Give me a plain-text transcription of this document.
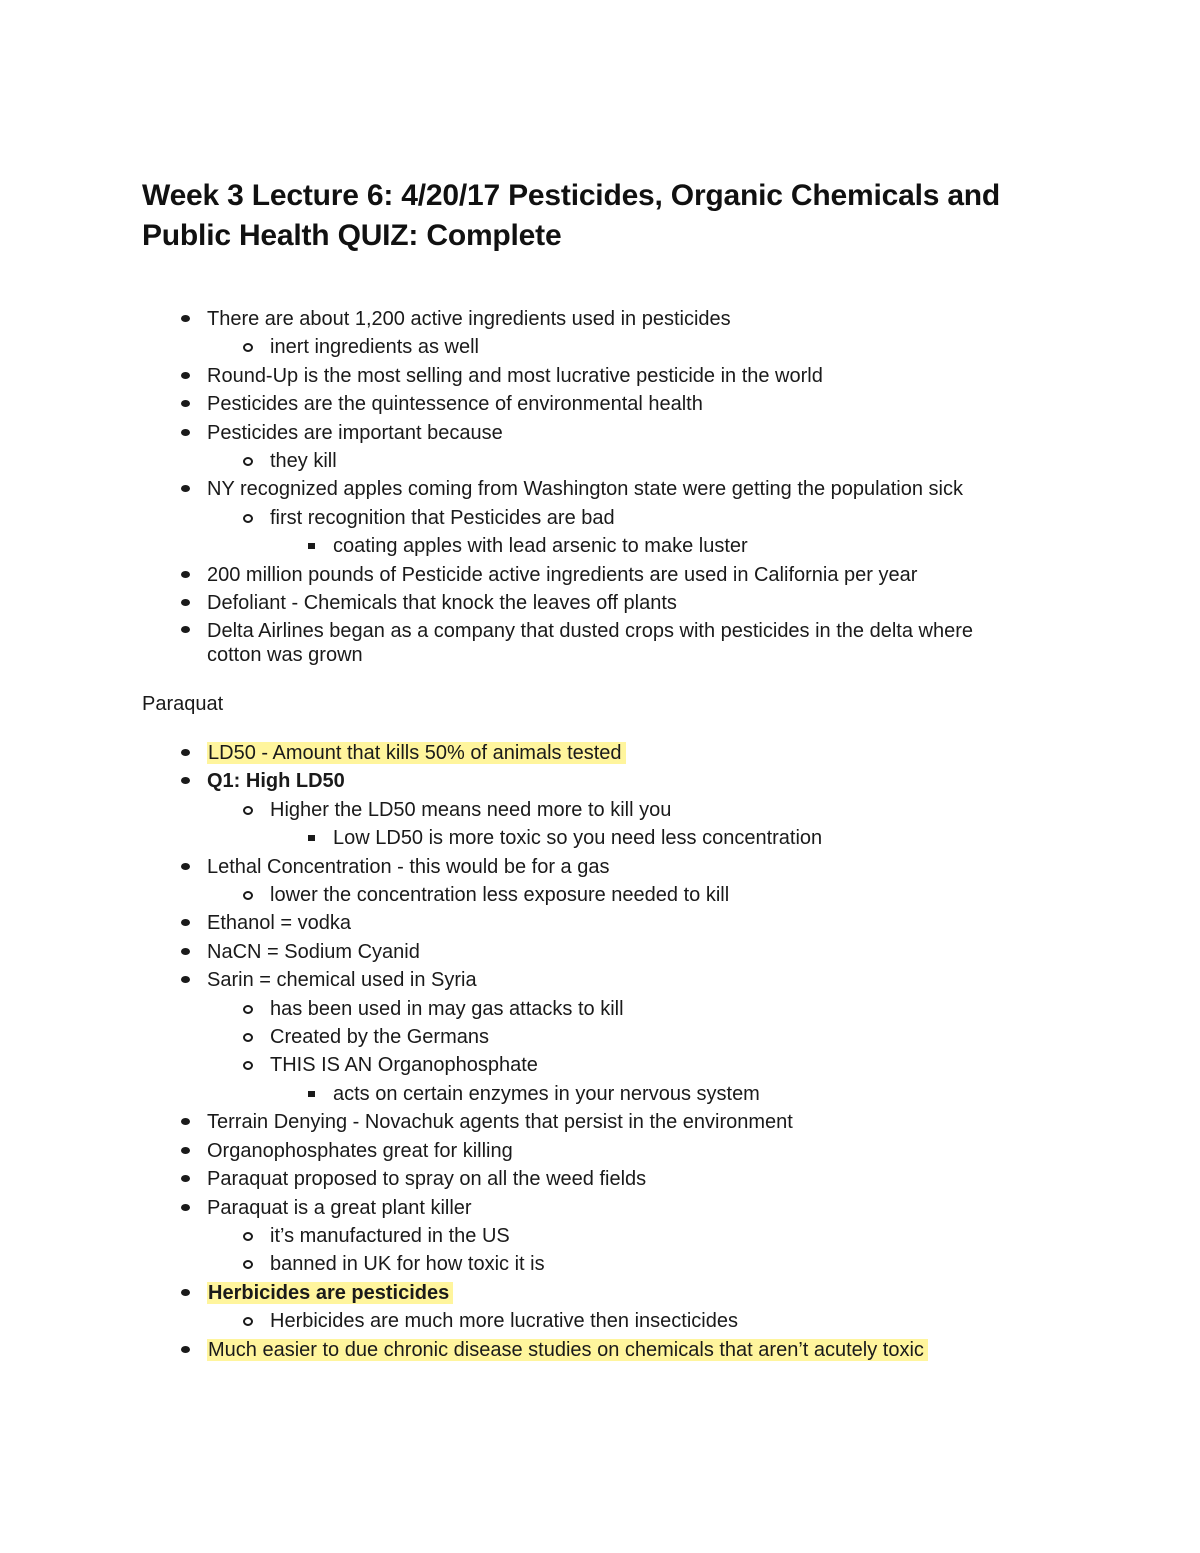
Week 3 Lecture 6: 4/20/17 Pesticides, Organic Chemicals and Public Health QUIZ: Complete
There are about 1,200 active ingredients used in pesticides
inert ingredients as well
Round-Up is the most selling and most lucrative pesticide in the world
Pesticides are the quintessence of environmental health
Pesticides are important because
they kill
NY recognized apples coming from Washington state were getting the population sick
first recognition that Pesticides are bad
coating apples with lead arsenic to make luster
200 million pounds of Pesticide active ingredients are used in California per year
Defoliant - Chemicals that knock the leaves off plants
Delta Airlines began as a company that dusted crops with pesticides in the delta where cotton was grown

Paraquat

LD50 - Amount that kills 50% of animals tested
Q1: High LD50
Higher the LD50 means need more to kill you
Low LD50 is more toxic so you need less concentration
Lethal Concentration - this would be for a gas
lower the concentration less exposure needed to kill
Ethanol = vodka
NaCN = Sodium Cyanid
Sarin = chemical used in Syria
has been used in may gas attacks to kill
Created by the Germans
THIS IS AN Organophosphate
acts on certain enzymes in your nervous system
Terrain Denying - Novachuk agents that persist in the environment
Organophosphates great for killing
Paraquat proposed to spray on all the weed fields
Paraquat is a great plant killer
it’s manufactured in the US
banned in UK for how toxic it is
Herbicides are pesticides
Herbicides are much more lucrative then insecticides
Much easier to due chronic disease studies on chemicals that aren’t acutely toxic
